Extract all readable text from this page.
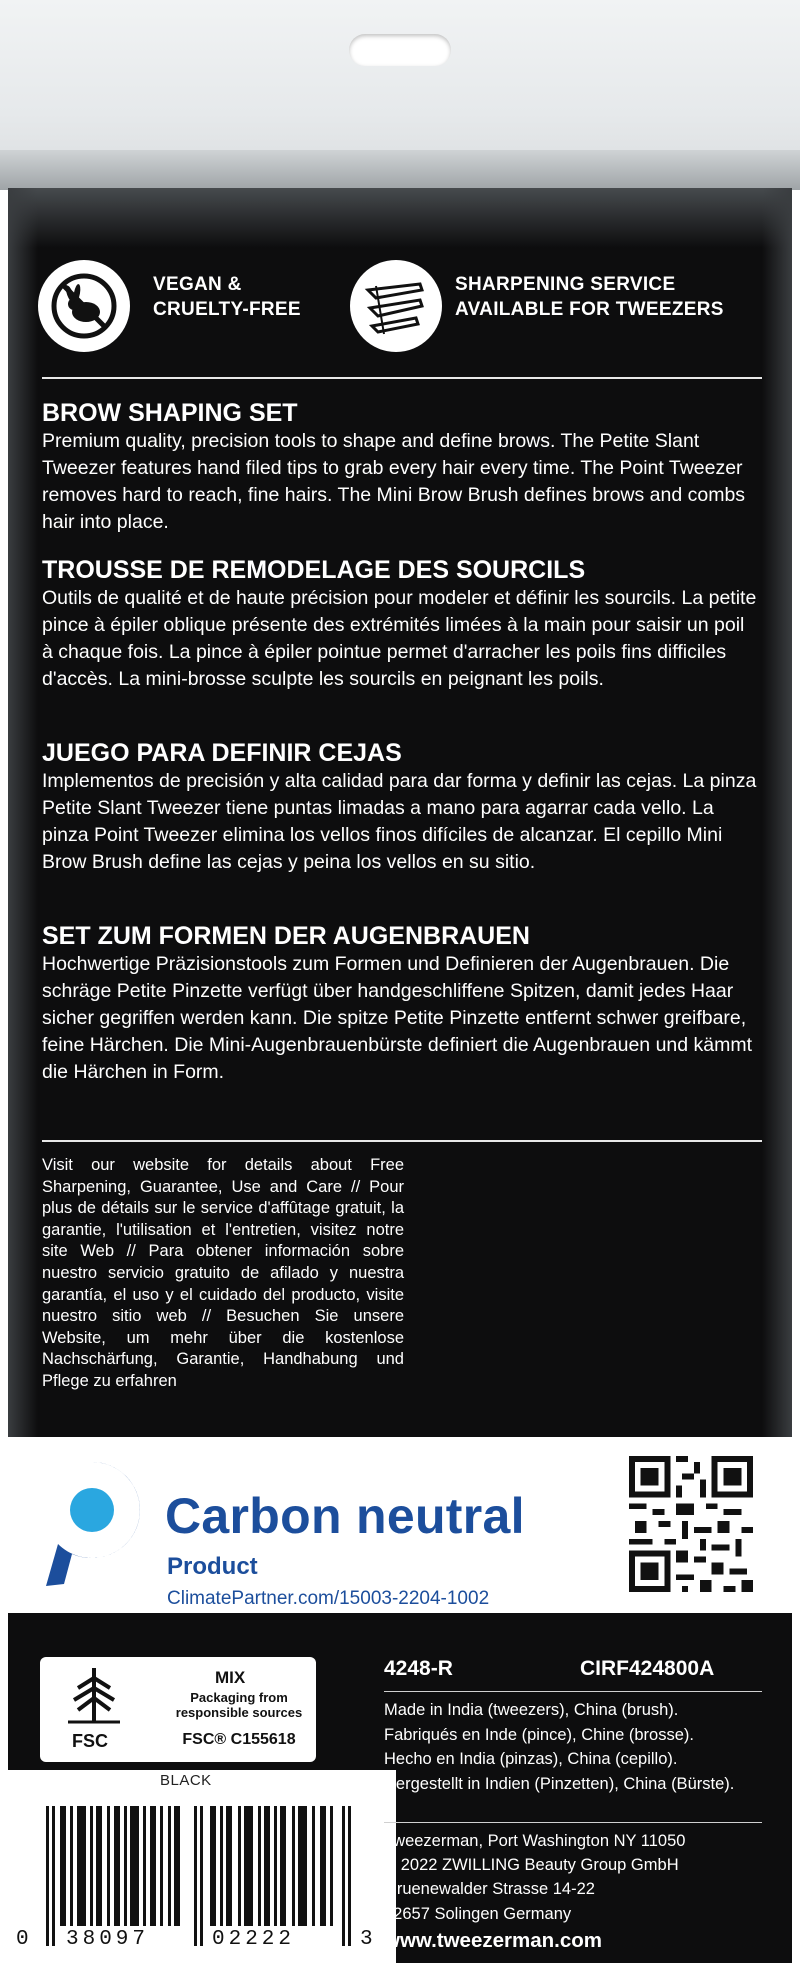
VEGAN &
CRUELTY-FREE
SHARPENING SERVICE
AVAILABLE FOR TWEEZERS
BROW SHAPING SET
Premium quality, precision tools to shape and define brows. The Petite Slant Tweezer features hand filed tips to grab every hair every time. The Point Tweezer removes hard to reach, fine hairs. The Mini Brow Brush defines brows and combs hair into place.
TROUSSE DE REMODELAGE DES SOURCILS
Outils de qualité et de haute précision pour modeler et définir les sourcils. La petite pince à épiler oblique présente des extrémités limées à la main pour saisir un poil à chaque fois. La pince à épiler pointue permet d'arracher les poils fins difficiles d'accès. La mini-brosse sculpte les sourcils en peignant les poils.
JUEGO PARA DEFINIR CEJAS
Implementos de precisión y alta calidad para dar forma y definir las cejas. La pinza Petite Slant Tweezer tiene puntas limadas a mano para agarrar cada vello. La pinza Point Tweezer elimina los vellos finos difíciles de alcanzar. El cepillo Mini Brow Brush define las cejas y peina los vellos en su sitio.
SET ZUM FORMEN DER AUGENBRAUEN
Hochwertige Präzisionstools zum Formen und Definieren der Augenbrauen. Die schräge Petite Pinzette verfügt über handgeschliffene Spitzen, damit jedes Haar sicher gegriffen werden kann. Die spitze Petite Pinzette entfernt schwer greifbare, feine Härchen. Die Mini-Augenbrauenbürste definiert die Augenbrauen und kämmt die Härchen in Form.
Visit our website for details about Free Sharpening, Guarantee, Use and Care // Pour plus de détails sur le service d'affûtage gratuit, la garantie, l'utilisation et l'entretien, visitez notre site Web // Para obtener información sobre nuestro servicio gratuito de afilado y nuestra garantía, el uso y el cuidado del producto, visite nuestro sitio web // Besuchen Sie unsere Website, um mehr über die kostenlose Nachschärfung, Garantie, Handhabung und Pflege zu erfahren
Carbon neutral
Product
ClimatePartner.com/15003-2204-1002
FSC
MIX
Packaging from responsible sources
FSC® C155618
BLACK
0 38097	02222	3
4248-R	CIRF424800A
Made in India (tweezers), China (brush).
Fabriqués en Inde (pince), Chine (brosse).
Hecho en India (pinzas), China (cepillo).
Hergestellt in Indien (Pinzetten), China (Bürste).
Tweezerman, Port Washington NY 11050
© 2022 ZWILLING Beauty Group GmbH
Gruenewalder Strasse 14-22
42657 Solingen Germany
www.tweezerman.com
